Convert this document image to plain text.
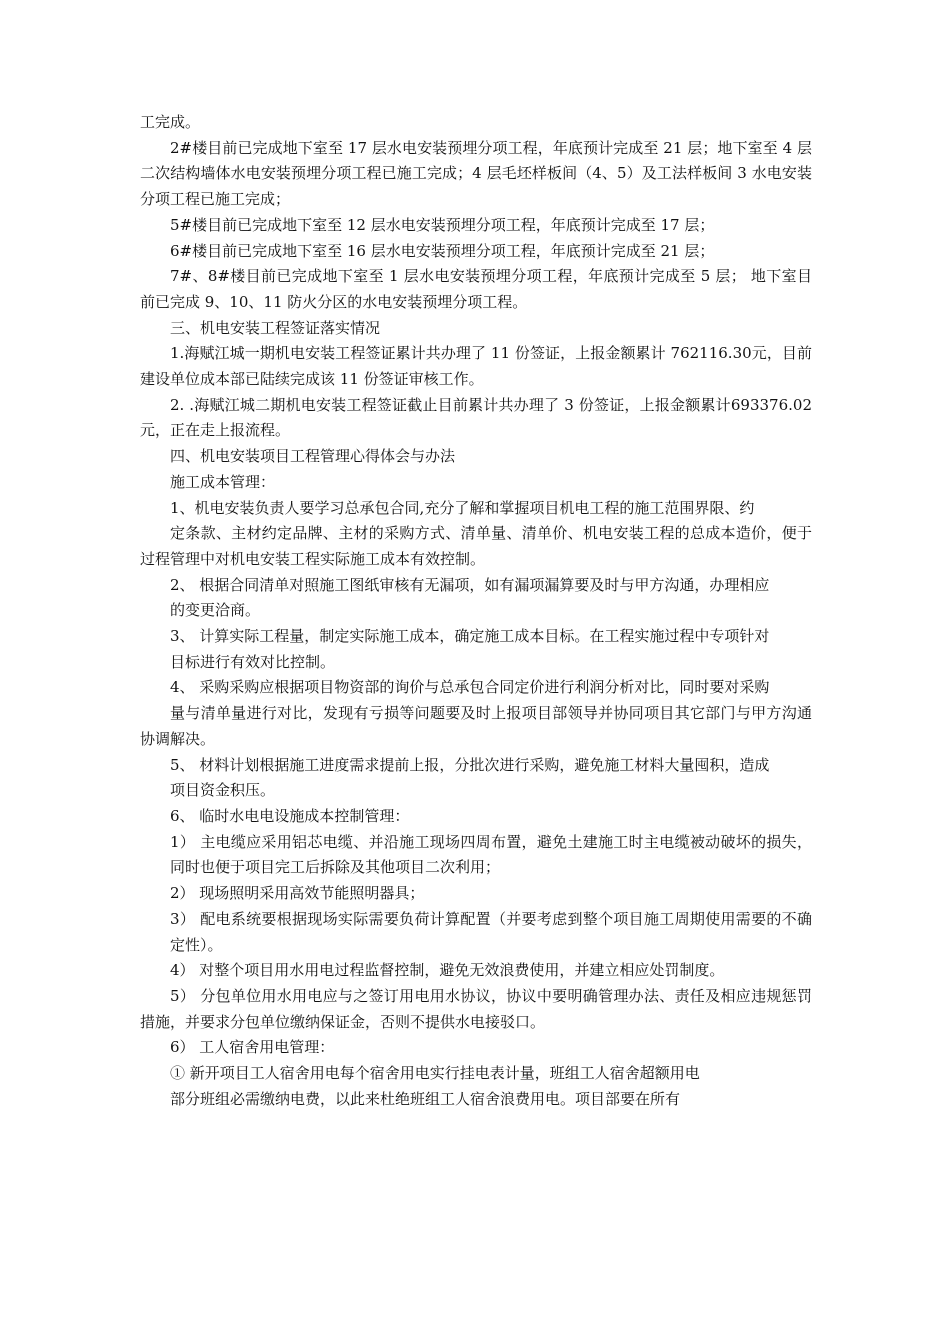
工完成。

2#楼目前已完成地下室至 17 层水电安装预埋分项工程，年底预计完成至 21 层；地下室至 4 层二次结构墙体水电安装预埋分项工程已施工完成；4 层毛坯样板间（4、5）及工法样板间 3 水电安装分项工程已施工完成；

5#楼目前已完成地下室至 12 层水电安装预埋分项工程，年底预计完成至 17 层；

6#楼目前已完成地下室至 16 层水电安装预埋分项工程，年底预计完成至 21 层；

7#、8#楼目前已完成地下室至 1 层水电安装预埋分项工程，年底预计完成至 5 层； 地下室目前已完成 9、10、11 防火分区的水电安装预埋分项工程。

三、机电安装工程签证落实情况

1.海赋江城一期机电安装工程签证累计共办理了 11 份签证，上报金额累计 762116.30元，目前建设单位成本部已陆续完成该 11 份签证审核工作。

2. .海赋江城二期机电安装工程签证截止目前累计共办理了 3 份签证，上报金额累计693376.02 元，正在走上报流程。

四、机电安装项目工程管理心得体会与办法

施工成本管理：

1、机电安装负责人要学习总承包合同,充分了解和掌握项目机电工程的施工范围界限、约

定条款、主材约定品牌、主材的采购方式、清单量、清单价、机电安装工程的总成本造价，便于过程管理中对机电安装工程实际施工成本有效控制。

2、 根据合同清单对照施工图纸审核有无漏项，如有漏项漏算要及时与甲方沟通，办理相应

的变更洽商。

3、 计算实际工程量，制定实际施工成本，确定施工成本目标。在工程实施过程中专项针对

目标进行有效对比控制。

4、 采购采购应根据项目物资部的询价与总承包合同定价进行利润分析对比，同时要对采购

量与清单量进行对比，发现有亏损等问题要及时上报项目部领导并协同项目其它部门与甲方沟通协调解决。

5、 材料计划根据施工进度需求提前上报，分批次进行采购，避免施工材料大量囤积，造成

项目资金积压。

6、 临时水电电设施成本控制管理：

1） 主电缆应采用铝芯电缆、并沿施工现场四周布置，避免土建施工时主电缆被动破坏的损失，同时也便于项目完工后拆除及其他项目二次利用；

2） 现场照明采用高效节能照明器具；

3） 配电系统要根据现场实际需要负荷计算配置（并要考虑到整个项目施工周期使用需要的不确定性）。

4） 对整个项目用水用电过程监督控制，避免无效浪费使用，并建立相应处罚制度。

5） 分包单位用水用电应与之签订用电用水协议，协议中要明确管理办法、责任及相应违规惩罚措施，并要求分包单位缴纳保证金，否则不提供水电接驳口。

6） 工人宿舍用电管理：

① 新开项目工人宿舍用电每个宿舍用电实行挂电表计量，班组工人宿舍超额用电

部分班组必需缴纳电费，以此来杜绝班组工人宿舍浪费用电。项目部要在所有
